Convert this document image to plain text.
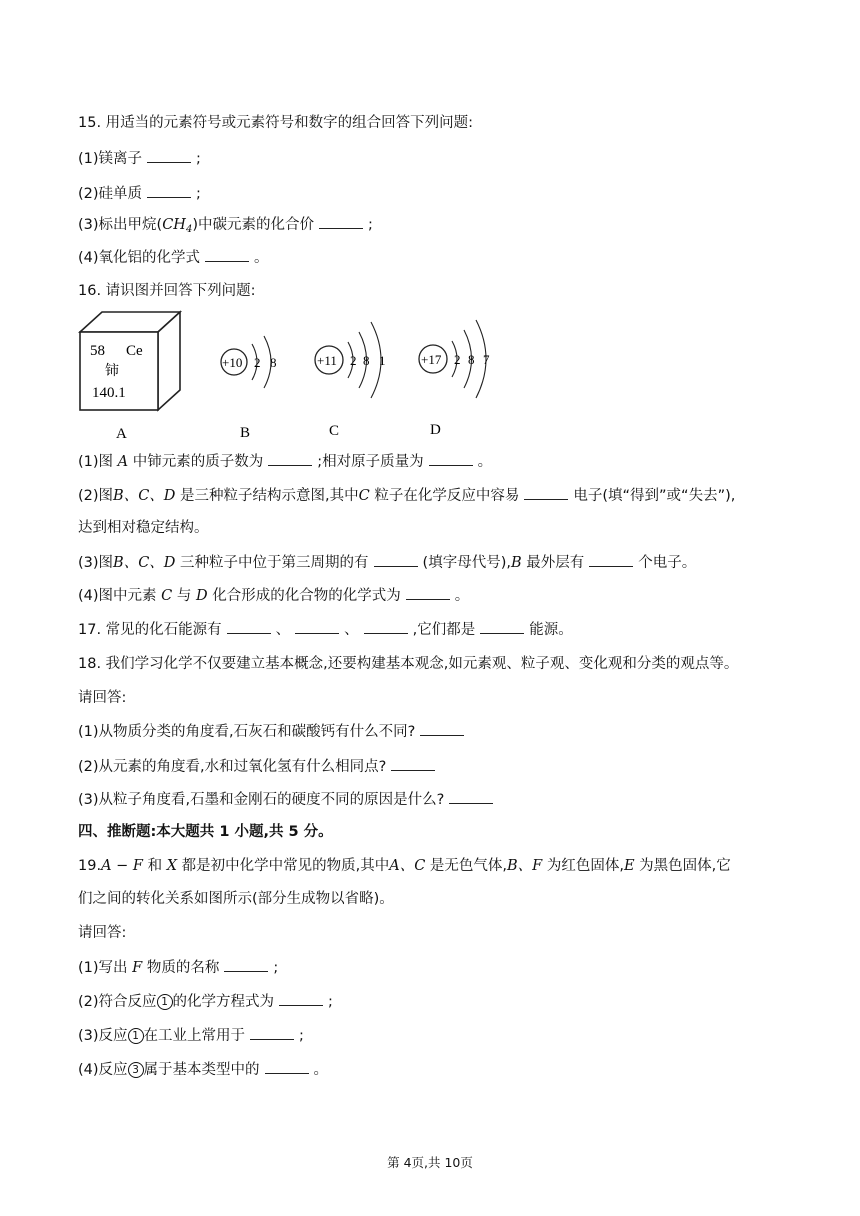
15. 用适当的元素符号或元素符号和数字的组合回答下列问题:
(1)镁离子	;
(2)硅单质	;
(3)标出甲烷$(CH_4)$中碳元素的化合价	;
(4)氧化铝的化学式	。
16. 请识图并回答下列问题:
58 Ce
铈
140.1
+10 2 8	+11 2 8 1	+17 2 8 7
A	B	C	D
(1)图 A 中铈元素的质子数为	;相对原子质量为	。
(2)图B、C、D 是三种粒子结构示意图,其中C 粒子在化学反应中容易	电子(填“得到”或“失去”),
达到相对稳定结构。
(3)图B、C、D 三种粒子中位于第三周期的有	(填字母代号),B 最外层有	个电子。
(4)图中元素 C 与 D 化合形成的化合物的化学式为	。
17. 常见的化石能源有	、	、	,它们都是	能源。
18. 我们学习化学不仅要建立基本概念,还要构建基本观念,如元素观、粒子观、变化观和分类的观点等。
请回答:
(1)从物质分类的角度看,石灰石和碳酸钙有什么不同?
(2)从元素的角度看,水和过氧化氢有什么相同点?
(3)从粒子角度看,石墨和金刚石的硬度不同的原因是什么?
四、推断题:本大题共 1 小题,共 5 分。
19.A − F 和 X 都是初中化学中常见的物质,其中A、C 是无色气体,B、F 为红色固体,E 为黑色固体,它
们之间的转化关系如图所示(部分生成物以省略)。
请回答:
(1)写出 F 物质的名称	;
(2)符合反应 1 的化学方程式为	;
(3)反应 1 在工业上常用于	;
(4)反应 3 属于基本类型中的	。
第 4页,共 10页
